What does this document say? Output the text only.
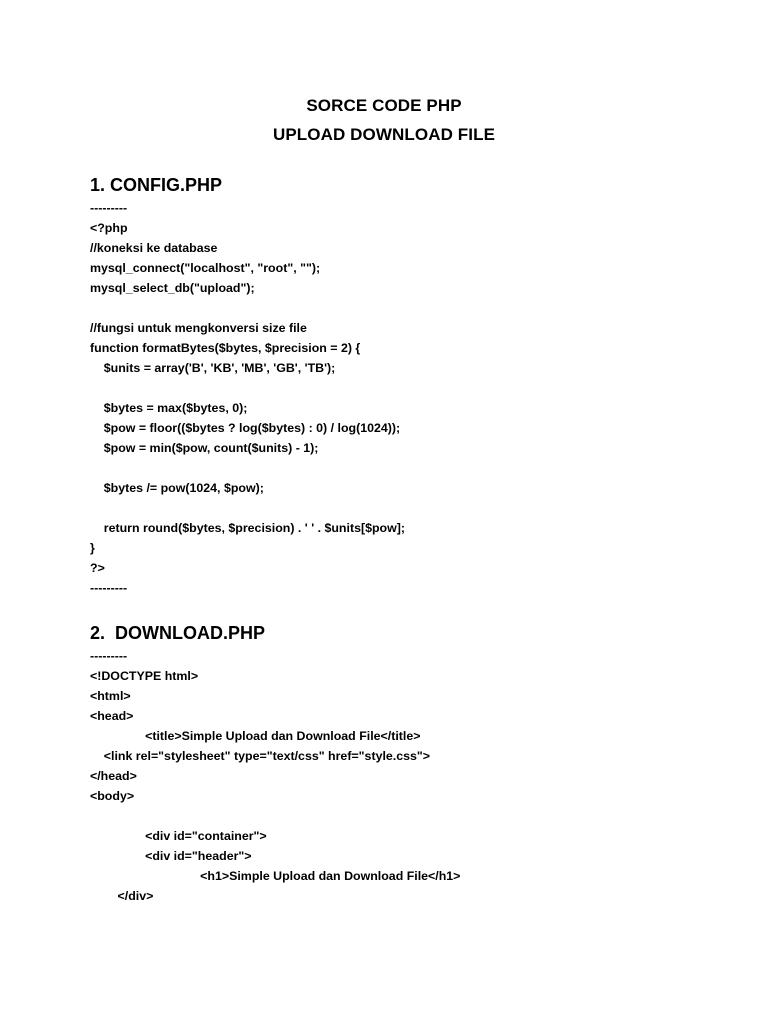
SORCE CODE PHP
UPLOAD DOWNLOAD FILE
1. CONFIG.PHP
---------
<?php
//koneksi ke database
mysql_connect("localhost", "root", "");
mysql_select_db("upload");
//fungsi untuk mengkonversi size file
function formatBytes($bytes, $precision = 2) {
$units = array('B', 'KB', 'MB', 'GB', 'TB');
$bytes = max($bytes, 0);
$pow = floor(($bytes ? log($bytes) : 0) / log(1024));
$pow = min($pow, count($units) - 1);
$bytes /= pow(1024, $pow);
return round($bytes, $precision) . ' ' . $units[$pow];
}
?>
---------
2.  DOWNLOAD.PHP
---------
<!DOCTYPE html>
<html>
<head>
<title>Simple Upload dan Download File</title>
<link rel="stylesheet" type="text/css" href="style.css">
</head>
<body>
<div id="container">
<div id="header">
<h1>Simple Upload dan Download File</h1>
</div>
